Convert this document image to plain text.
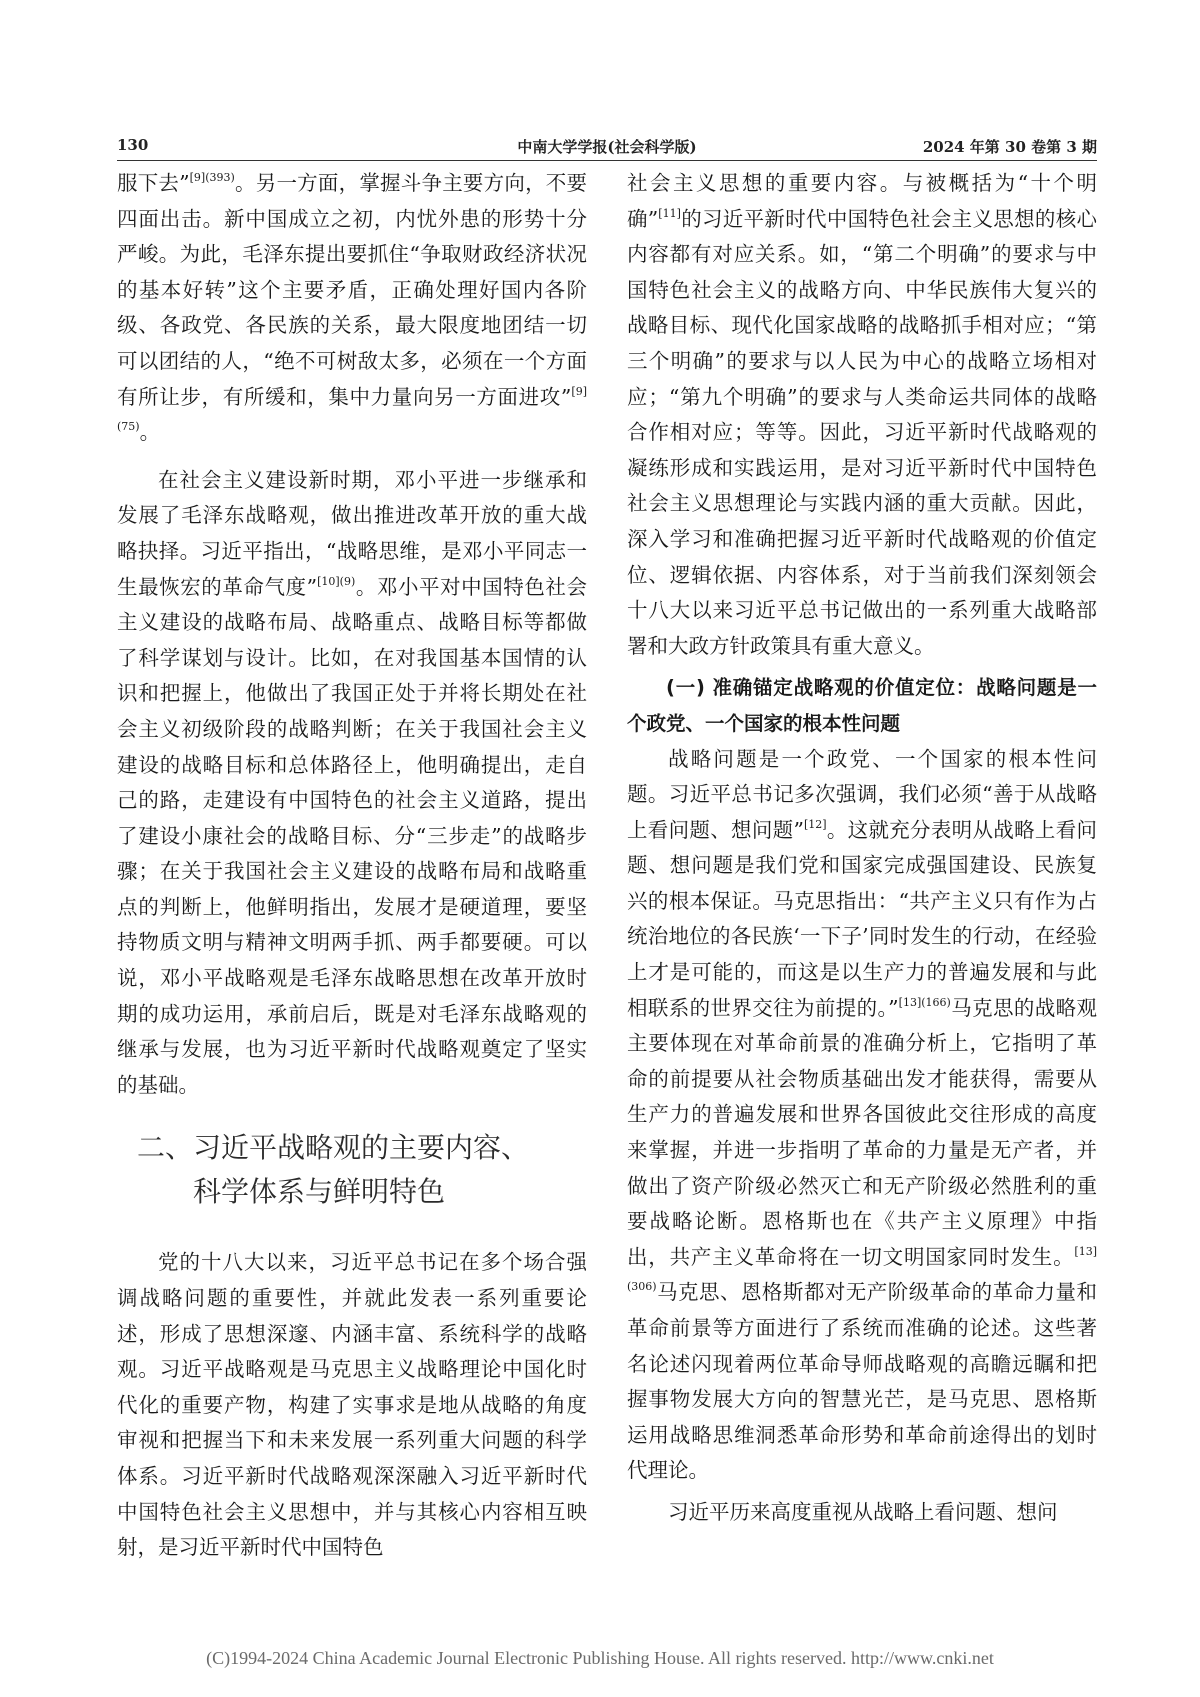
130	中南大学学报(社会科学版)	2024 年第 30 卷第 3 期

服下去”$^{[9](393)}$。另一方面，掌握斗争主要方向，不要四面出击。新中国成立之初，内忧外患的形势十分严峻。为此，毛泽东提出要抓住“争取财政经济状况的基本好转”这个主要矛盾，正确处理好国内各阶级、各政党、各民族的关系，最大限度地团结一切可以团结的人，“绝不可树敌太多，必须在一个方面有所让步，有所缓和，集中力量向另一方面进攻”$^{[9](75)}$。

在社会主义建设新时期，邓小平进一步继承和发展了毛泽东战略观，做出推进改革开放的重大战略抉择。习近平指出，“战略思维，是邓小平同志一生最恢宏的革命气度”$^{[10](9)}$。邓小平对中国特色社会主义建设的战略布局、战略重点、战略目标等都做了科学谋划与设计。比如，在对我国基本国情的认识和把握上，他做出了我国正处于并将长期处在社会主义初级阶段的战略判断；在关于我国社会主义建设的战略目标和总体路径上，他明确提出，走自己的路，走建设有中国特色的社会主义道路，提出了建设小康社会的战略目标、分“三步走”的战略步骤；在关于我国社会主义建设的战略布局和战略重点的判断上，他鲜明指出，发展才是硬道理，要坚持物质文明与精神文明两手抓、两手都要硬。可以说，邓小平战略观是毛泽东战略思想在改革开放时期的成功运用，承前启后，既是对毛泽东战略观的继承与发展，也为习近平新时代战略观奠定了坚实的基础。

二、习近平战略观的主要内容、
科学体系与鲜明特色

党的十八大以来，习近平总书记在多个场合强调战略问题的重要性，并就此发表一系列重要论述，形成了思想深邃、内涵丰富、系统科学的战略观。习近平战略观是马克思主义战略理论中国化时代化的重要产物，构建了实事求是地从战略的角度审视和把握当下和未来发展一系列重大问题的科学体系。习近平新时代战略观深深融入习近平新时代中国特色社会主义思想中，并与其核心内容相互映射，是习近平新时代中国特色

社会主义思想的重要内容。与被概括为“十个明确”[11]的习近平新时代中国特色社会主义思想的核心内容都有对应关系。如，“第二个明确”的要求与中国特色社会主义的战略方向、中华民族伟大复兴的战略目标、现代化国家战略的战略抓手相对应；“第三个明确”的要求与以人民为中心的战略立场相对应；“第九个明确”的要求与人类命运共同体的战略合作相对应；等等。因此，习近平新时代战略观的凝练形成和实践运用，是对习近平新时代中国特色社会主义思想理论与实践内涵的重大贡献。因此，深入学习和准确把握习近平新时代战略观的价值定位、逻辑依据、内容体系，对于当前我们深刻领会十八大以来习近平总书记做出的一系列重大战略部署和大政方针政策具有重大意义。

(一) 准确锚定战略观的价值定位：战略问题是一个政党、一个国家的根本性问题

战略问题是一个政党、一个国家的根本性问题。习近平总书记多次强调，我们必须“善于从战略上看问题、想问题”[12]。这就充分表明从战略上看问题、想问题是我们党和国家完成强国建设、民族复兴的根本保证。马克思指出：“共产主义只有作为占统治地位的各民族‘一下子’同时发生的行动，在经验上才是可能的，而这是以生产力的普遍发展和与此相联系的世界交往为前提的。”$^{[13](166)}$马克思的战略观主要体现在对革命前景的准确分析上，它指明了革命的前提要从社会物质基础出发才能获得，需要从生产力的普遍发展和世界各国彼此交往形成的高度来掌握，并进一步指明了革命的力量是无产者，并做出了资产阶级必然灭亡和无产阶级必然胜利的重要战略论断。恩格斯也在《共产主义原理》中指出，共产主义革命将在一切文明国家同时发生。$^{[13](306)}$马克思、恩格斯都对无产阶级革命的革命力量和革命前景等方面进行了系统而准确的论述。这些著名论述闪现着两位革命导师战略观的高瞻远瞩和把握事物发展大方向的智慧光芒，是马克思、恩格斯运用战略思维洞悉革命形势和革命前途得出的划时代理论。

习近平历来高度重视从战略上看问题、想问

(C)1994-2024 China Academic Journal Electronic Publishing House. All rights reserved. http://www.cnki.net
